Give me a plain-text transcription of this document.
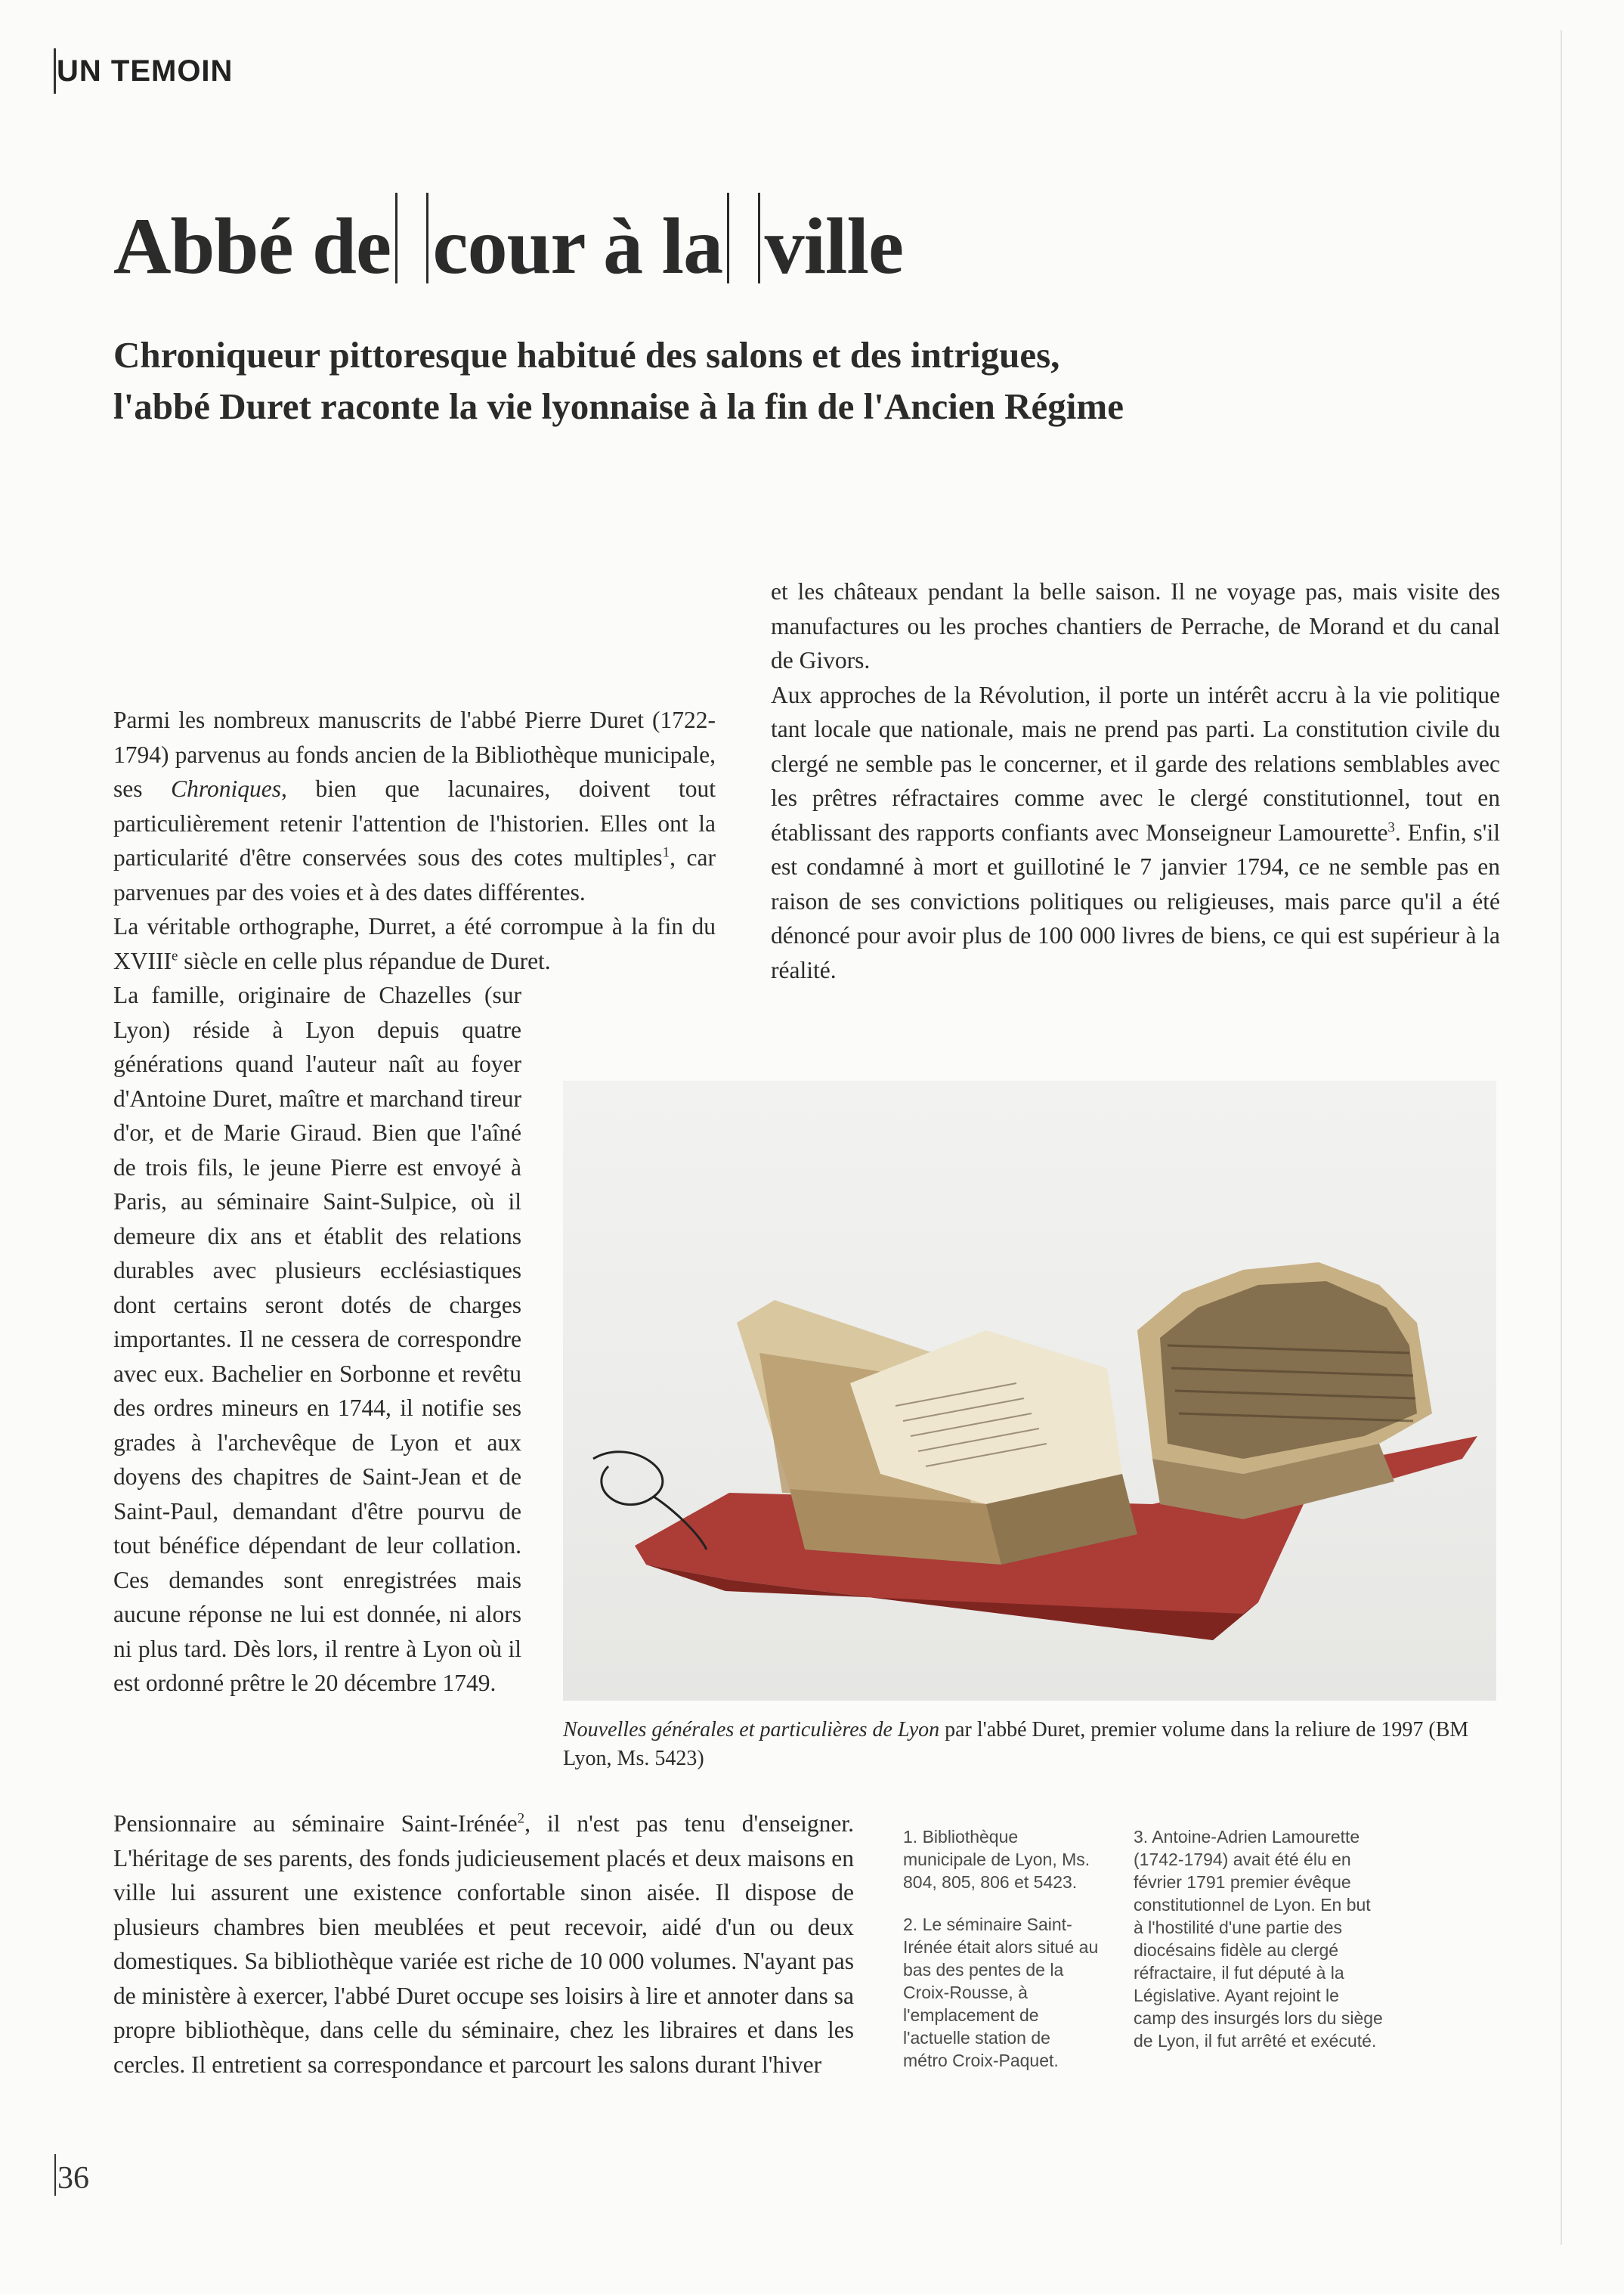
UN TEMOIN
Abbé de cour à la ville
Chroniqueur pittoresque habitué des salons et des intrigues,
l'abbé Duret raconte la vie lyonnaise à la fin de l'Ancien Régime

Parmi les nombreux manuscrits de l'abbé Pierre Duret (1722-1794) parvenus au fonds ancien de la Bibliothèque municipale, ses Chroniques, bien que lacunaires, doivent tout particulièrement retenir l'attention de l'historien. Elles ont la particularité d'être conservées sous des cotes multiples$^1$, car parvenues par des voies et à des dates différentes.

La véritable orthographe, Durret, a été corrompue à la fin du XVIIIe siècle en celle plus répandue de Duret.

La famille, originaire de Chazelles (sur Lyon) réside à Lyon depuis quatre générations quand l'auteur naît au foyer d'Antoine Duret, maître et marchand tireur d'or, et de Marie Giraud. Bien que l'aîné de trois fils, le jeune Pierre est envoyé à Paris, au séminaire Saint-Sulpice, où il demeure dix ans et établit des relations durables avec plusieurs ecclésiastiques dont certains seront dotés de charges importantes. Il ne cessera de correspondre avec eux. Bachelier en Sorbonne et revêtu des ordres mineurs en 1744, il notifie ses grades à l'archevêque de Lyon et aux doyens des chapitres de Saint-Jean et de Saint-Paul, demandant d'être pourvu de tout bénéfice dépendant de leur collation. Ces demandes sont enregistrées mais aucune réponse ne lui est donnée, ni alors ni plus tard. Dès lors, il rentre à Lyon où il est ordonné prêtre le 20 décembre 1749.

Pensionnaire au séminaire Saint-Irénée$^2$, il n'est pas tenu d'enseigner. L'héritage de ses parents, des fonds judicieusement placés et deux maisons en ville lui assurent une existence confortable sinon aisée. Il dispose de plusieurs chambres bien meublées et peut recevoir, aidé d'un ou deux domestiques. Sa bibliothèque variée est riche de 10 000 volumes. N'ayant pas de ministère à exercer, l'abbé Duret occupe ses loisirs à lire et annoter dans sa propre bibliothèque, dans celle du séminaire, chez les libraires et dans les cercles. Il entretient sa correspondance et parcourt les salons durant l'hiver

et les châteaux pendant la belle saison. Il ne voyage pas, mais visite des manufactures ou les proches chantiers de Perrache, de Morand et du canal de Givors.

Aux approches de la Révolution, il porte un intérêt accru à la vie politique tant locale que nationale, mais ne prend pas parti. La constitution civile du clergé ne semble pas le concerner, et il garde des relations semblables avec les prêtres réfractaires comme avec le clergé constitutionnel, tout en établissant des rapports confiants avec Monseigneur Lamourette$^3$. Enfin, s'il est condamné à mort et guillotiné le 7 janvier 1794, ce ne semble pas en raison de ses convictions politiques ou religieuses, mais parce qu'il a été dénoncé pour avoir plus de 100 000 livres de biens, ce qui est supérieur à la réalité.

Nouvelles générales et particulières de Lyon par l'abbé Duret, premier volume dans la reliure de 1997 (BM Lyon, Ms. 5423)

1. Bibliothèque municipale de Lyon, Ms. 804, 805, 806 et 5423.

2. Le séminaire Saint-Irénée était alors situé au bas des pentes de la Croix-Rousse, à l'emplacement de l'actuelle station de métro Croix-Paquet.

3. Antoine-Adrien Lamourette (1742-1794) avait été élu en février 1791 premier évêque constitutionnel de Lyon. En but à l'hostilité d'une partie des diocésains fidèle au clergé réfractaire, il fut député à la Législative. Ayant rejoint le camp des insurgés lors du siège de Lyon, il fut arrêté et exécuté.

36
